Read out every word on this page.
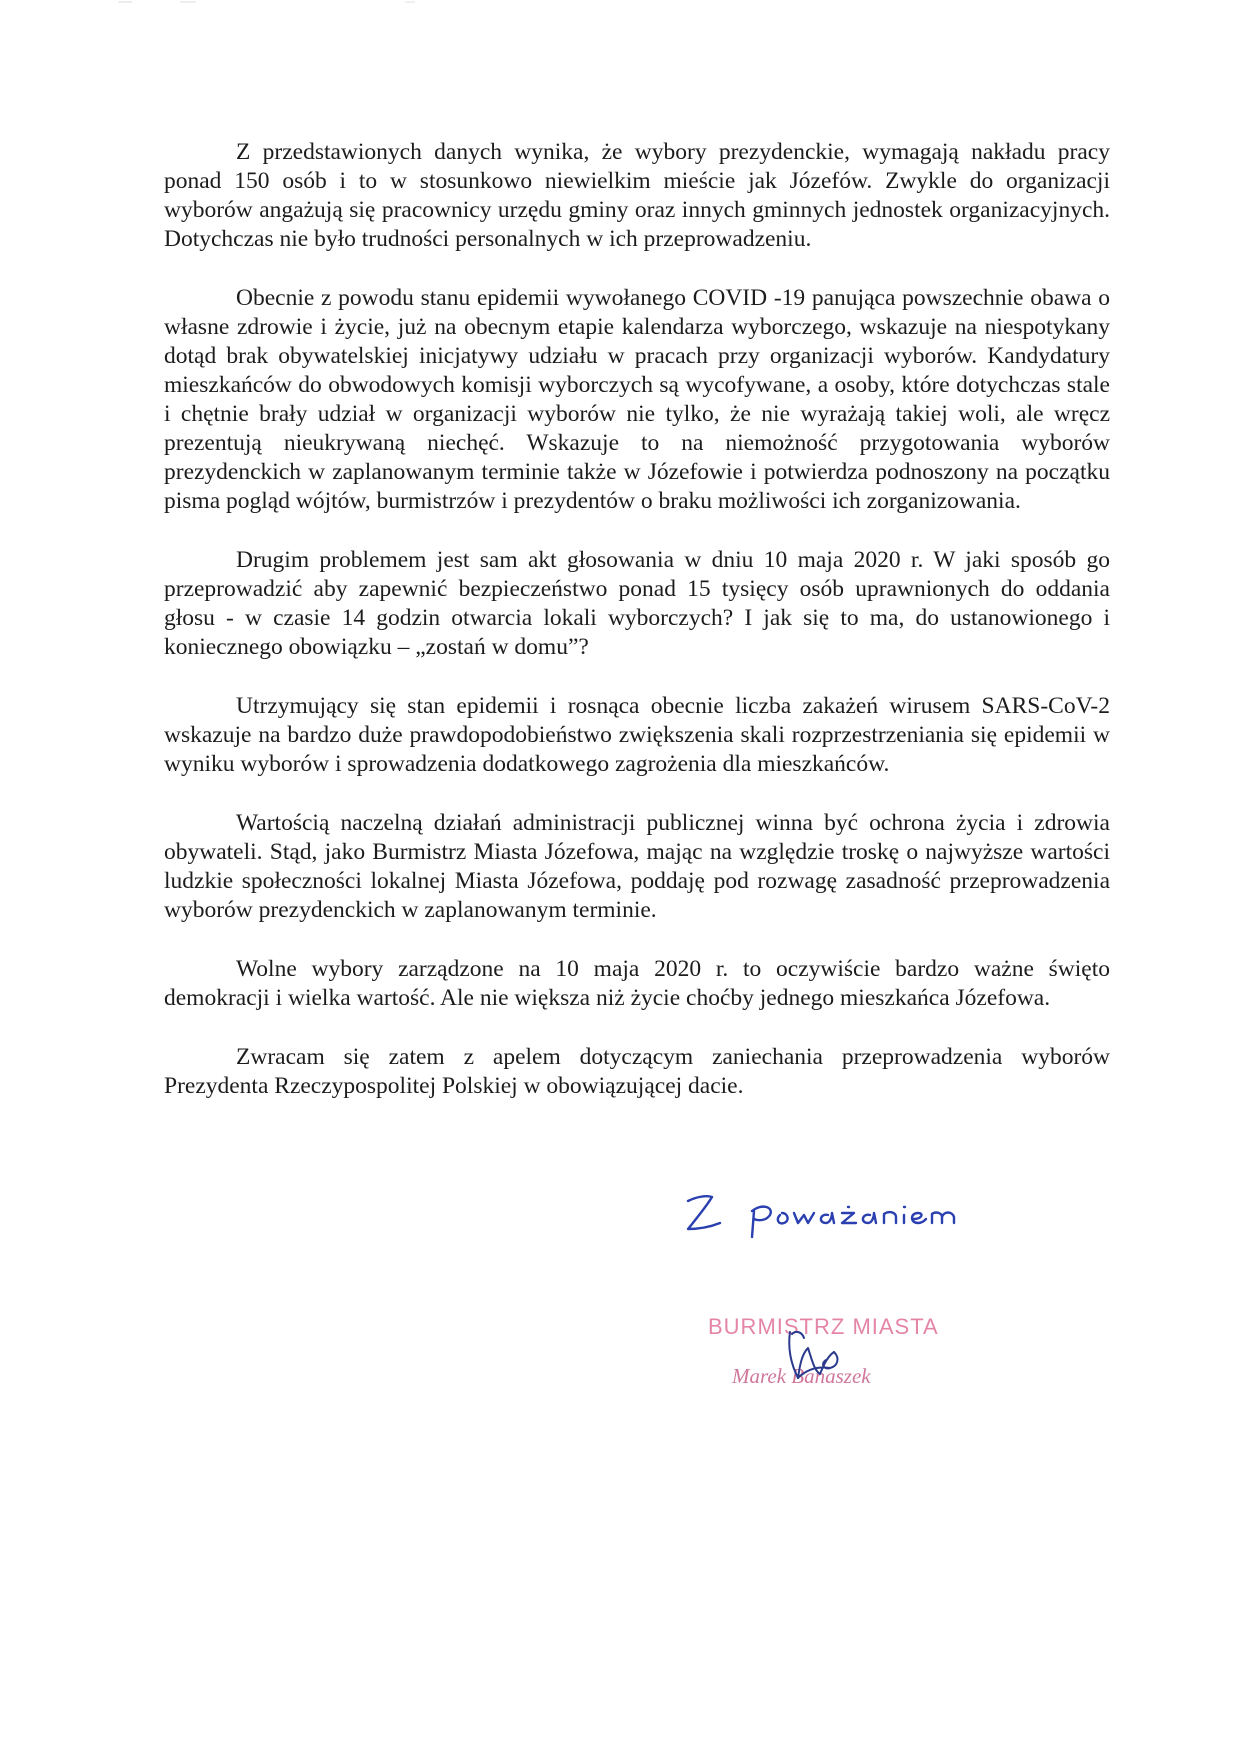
Z przedstawionych danych wynika, że wybory prezydenckie, wymagają nakładu pracy ponad 150 osób i to w stosunkowo niewielkim mieście jak Józefów. Zwykle do organizacji wyborów angażują się pracownicy urzędu gminy oraz innych gminnych jednostek organizacyjnych. Dotychczas nie było trudności personalnych w ich przeprowadzeniu.

Obecnie z powodu stanu epidemii wywołanego COVID -19 panująca powszechnie obawa o własne zdrowie i życie, już na obecnym etapie kalendarza wyborczego, wskazuje na niespotykany dotąd brak obywatelskiej inicjatywy udziału w pracach przy organizacji wyborów. Kandydatury mieszkańców do obwodowych komisji wyborczych są wycofywane, a osoby, które dotychczas stale i chętnie brały udział w organizacji wyborów nie tylko, że nie wyrażają takiej woli, ale wręcz prezentują nieukrywaną niechęć. Wskazuje to na niemożność przygotowania wyborów prezydenckich w zaplanowanym terminie także w Józefowie i potwierdza podnoszony na początku pisma pogląd wójtów, burmistrzów i prezydentów o braku możliwości ich zorganizowania.

Drugim problemem jest sam akt głosowania w dniu 10 maja 2020 r. W jaki sposób go przeprowadzić aby zapewnić bezpieczeństwo ponad 15 tysięcy osób uprawnionych do oddania głosu - w czasie 14 godzin otwarcia lokali wyborczych? I jak się to ma, do ustanowionego i koniecznego obowiązku – „zostań w domu”?

Utrzymujący się stan epidemii i rosnąca obecnie liczba zakażeń wirusem SARS-CoV-2 wskazuje na bardzo duże prawdopodobieństwo zwiększenia skali rozprzestrzeniania się epidemii w wyniku wyborów i sprowadzenia dodatkowego zagrożenia dla mieszkańców.

Wartością naczelną działań administracji publicznej winna być ochrona życia i zdrowia obywateli. Stąd, jako Burmistrz Miasta Józefowa, mając na względzie troskę o najwyższe wartości ludzkie społeczności lokalnej Miasta Józefowa, poddaję pod rozwagę zasadność przeprowadzenia wyborów prezydenckich w zaplanowanym terminie.

Wolne wybory zarządzone na 10 maja 2020 r. to oczywiście bardzo ważne święto demokracji i wielka wartość. Ale nie większa niż życie choćby jednego mieszkańca Józefowa.

Zwracam się zatem z apelem dotyczącym zaniechania przeprowadzenia wyborów Prezydenta Rzeczypospolitej Polskiej w obowiązującej dacie.

BURMISTRZ MIASTA
Marek Banaszek
